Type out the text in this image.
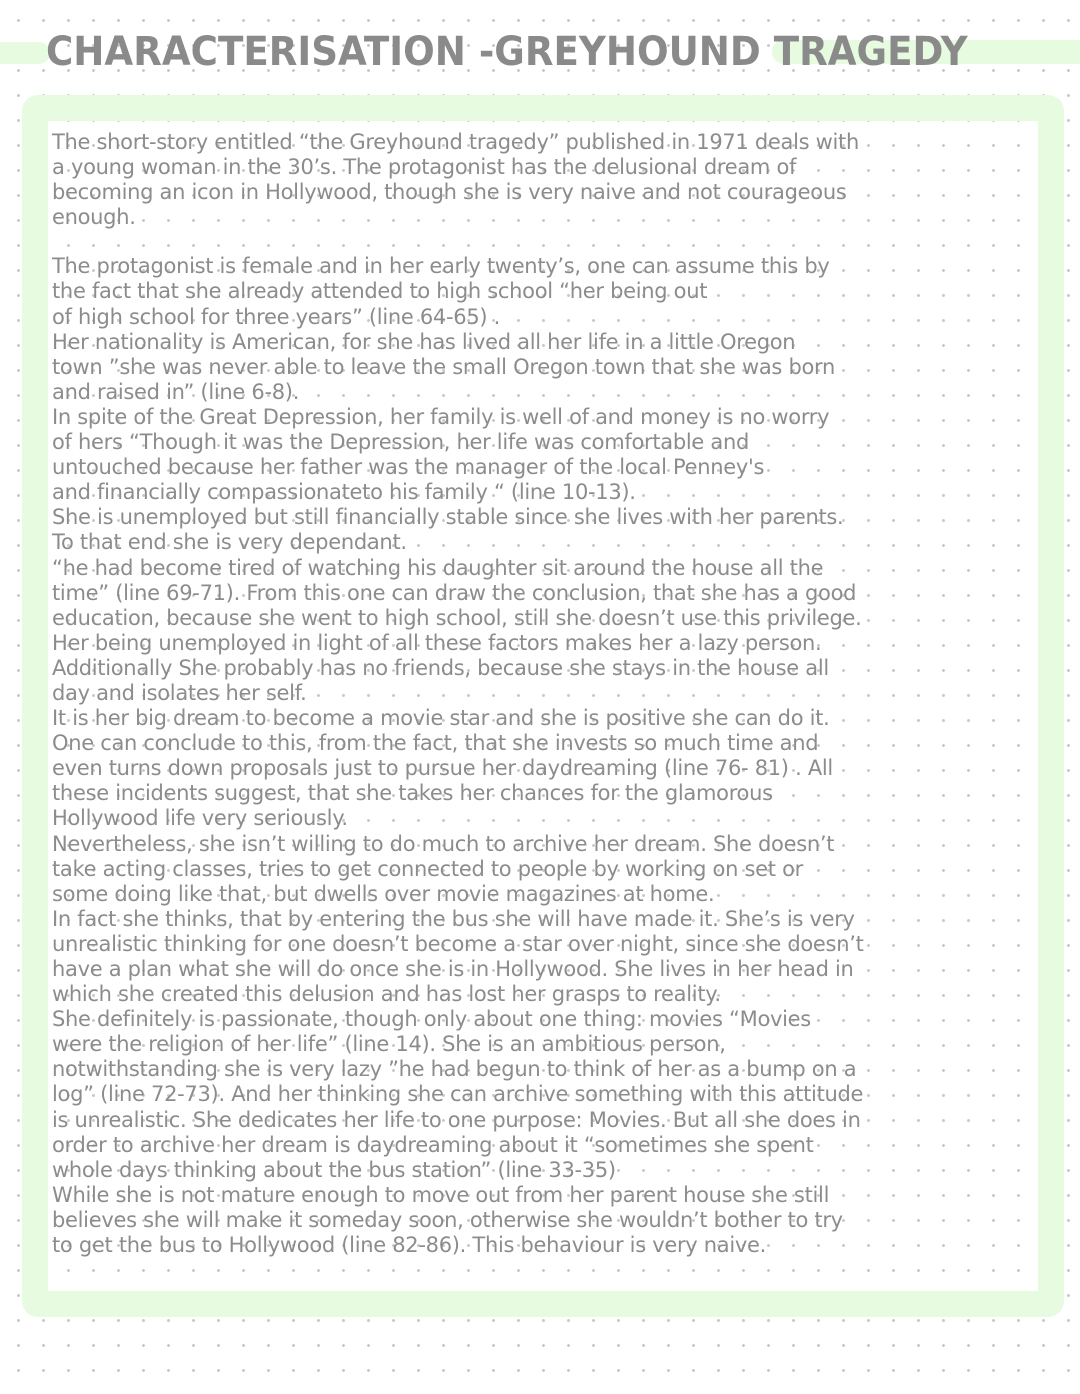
CHARACTERISATION -GREYHOUND TRAGEDY

The short-story entitled “the Greyhound tragedy” published in 1971 deals with

a young woman in the 30’s. The protagonist has the delusional dream of

becoming an icon in Hollywood, though she is very naive and not courageous

enough.

The protagonist is female and in her early twenty’s, one can assume this by

the fact that she already attended to high school “her being out

of high school for three years” (line 64-65) .

Her nationality is American, for she has lived all her life in a little Oregon

town ”she was never able to leave the small Oregon town that she was born

and raised in” (line 6-8).

In spite of the Great Depression, her family is well of and money is no worry

of hers “Though it was the Depression, her life was comfortable and

untouched because her father was the manager of the local Penney's

and financially compassionateto his family “ (line 10-13).

She is unemployed but still financially stable since she lives with her parents.

To that end she is very dependant.

“he had become tired of watching his daughter sit around the house all the

time” (line 69-71). From this one can draw the conclusion, that she has a good

education, because she went to high school, still she doesn’t use this privilege.

Her being unemployed in light of all these factors makes her a lazy person.

Additionally She probably has no friends, because she stays in the house all

day and isolates her self.

It is her big dream to become a movie star and she is positive she can do it.

One can conclude to this, from the fact, that she invests so much time and

even turns down proposals just to pursue her daydreaming (line 76- 81) . All

these incidents suggest, that she takes her chances for the glamorous

Hollywood life very seriously.

Nevertheless, she isn’t willing to do much to archive her dream. She doesn’t

take acting classes, tries to get connected to people by working on set or

some doing like that, but dwells over movie magazines at home.

In fact she thinks, that by entering the bus she will have made it. She’s is very

unrealistic thinking for one doesn’t become a star over night, since she doesn’t

have a plan what she will do once she is in Hollywood. She lives in her head in

which she created this delusion and has lost her grasps to reality.

She definitely is passionate, though only about one thing: movies “Movies

were the religion of her life” (line 14). She is an ambitious person,

notwithstanding she is very lazy ”he had begun to think of her as a bump on a

log” (line 72-73). And her thinking she can archive something with this attitude

is unrealistic. She dedicates her life to one purpose: Movies. But all she does in

order to archive her dream is daydreaming about it “sometimes she spent

whole days thinking about the bus station” (line 33-35)

While she is not mature enough to move out from her parent house she still

believes she will make it someday soon, otherwise she wouldn’t bother to try

to get the bus to Hollywood (line 82-86). This behaviour is very naive.
